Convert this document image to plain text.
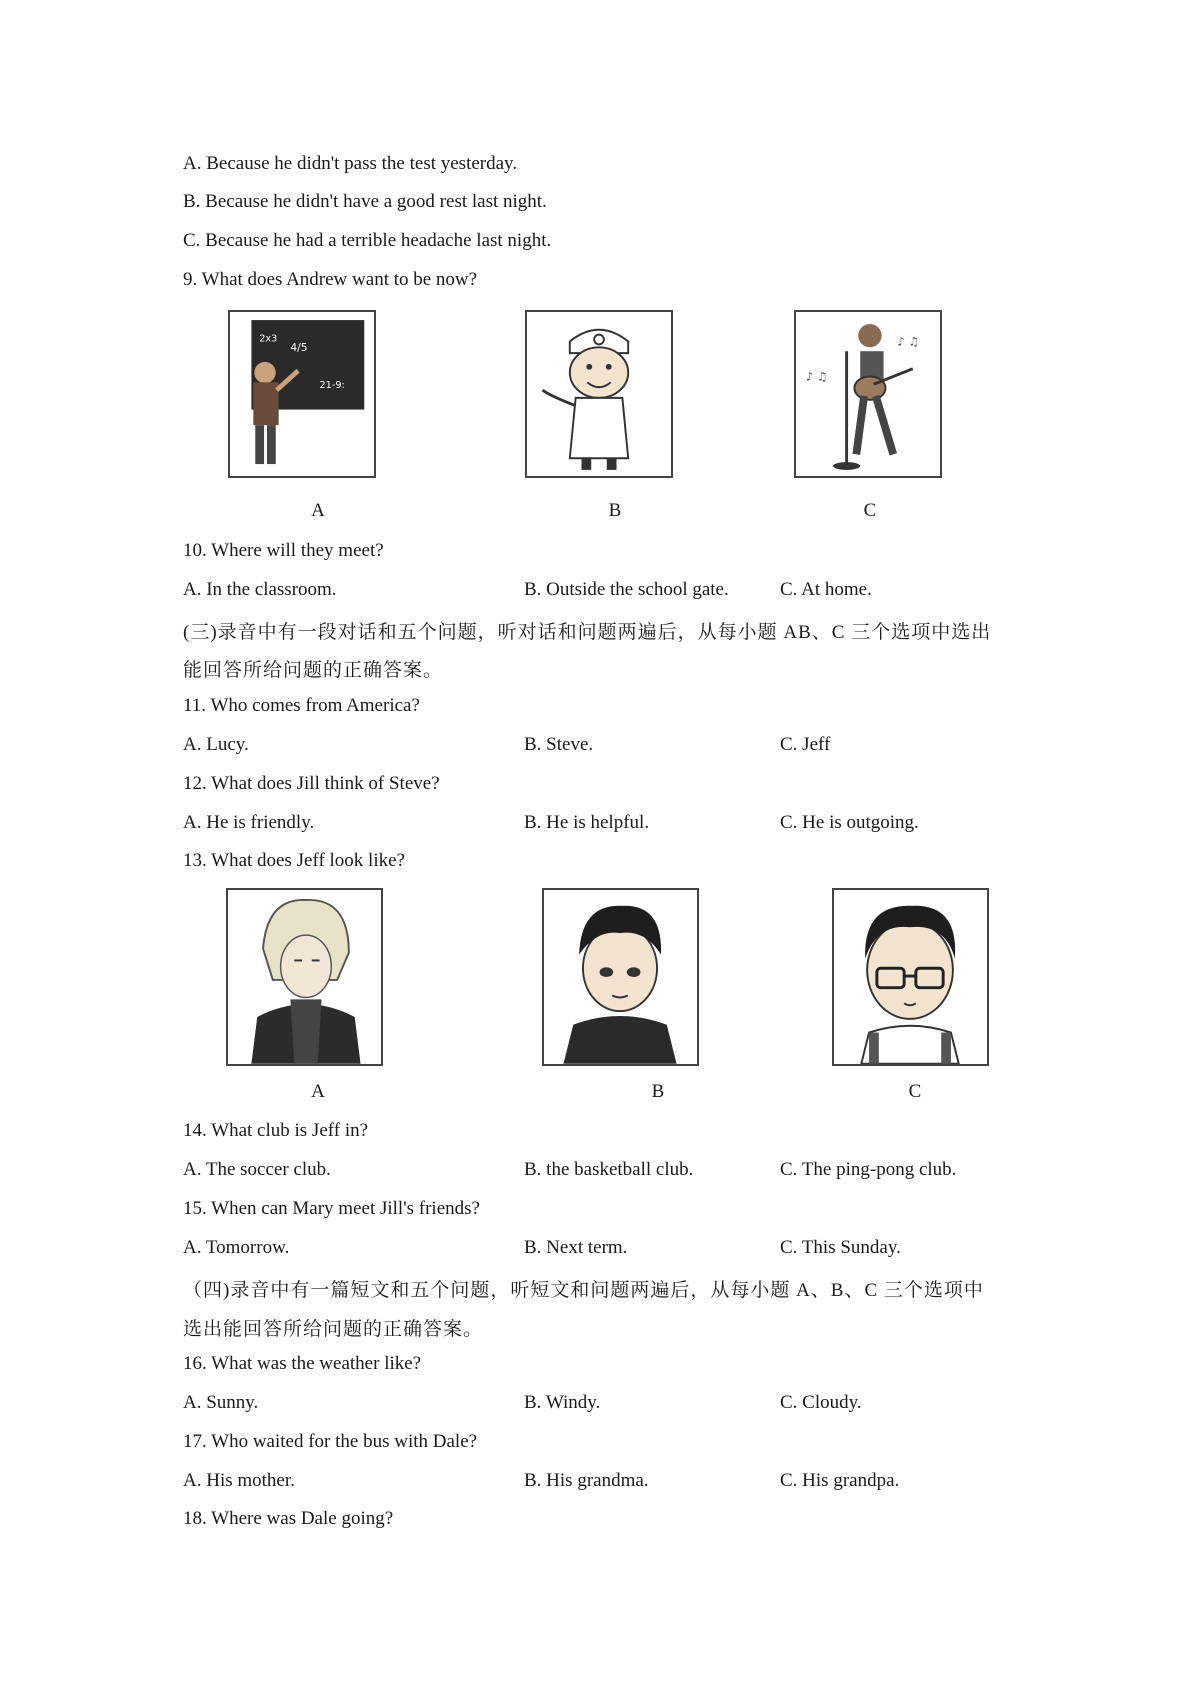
A. Because he didn't pass the test yesterday.
B. Because he didn't have a good rest last night.
C. Because he had a terrible headache last night.
9. What does Andrew want to be now?
2x3
4/5
21-9:
♪ ♫
♪ ♫
A	B	C
10. Where will they meet?
A. In the classroom.	B. Outside the school gate.	C. At home.
(三)录音中有一段对话和五个问题，听对话和问题两遍后，从每小题 AB、C 三个选项中选出
能回答所给问题的正确答案。
11. Who comes from America?
A. Lucy.	B. Steve.	C. Jeff
12. What does Jill think of Steve?
A. He is friendly.	B. He is helpful.	C. He is outgoing.
13. What does Jeff look like?
A	B	C
14. What club is Jeff in?
A. The soccer club.	B. the basketball club.	C. The ping-pong club.
15. When can Mary meet Jill's friends?
A. Tomorrow.	B. Next term.	C. This Sunday.
（四)录音中有一篇短文和五个问题，听短文和问题两遍后，从每小题 A、B、C 三个选项中
选出能回答所给问题的正确答案。
16. What was the weather like?
A. Sunny.	B. Windy.	C. Cloudy.
17. Who waited for the bus with Dale?
A. His mother.	B. His grandma.	C. His grandpa.
18. Where was Dale going?
